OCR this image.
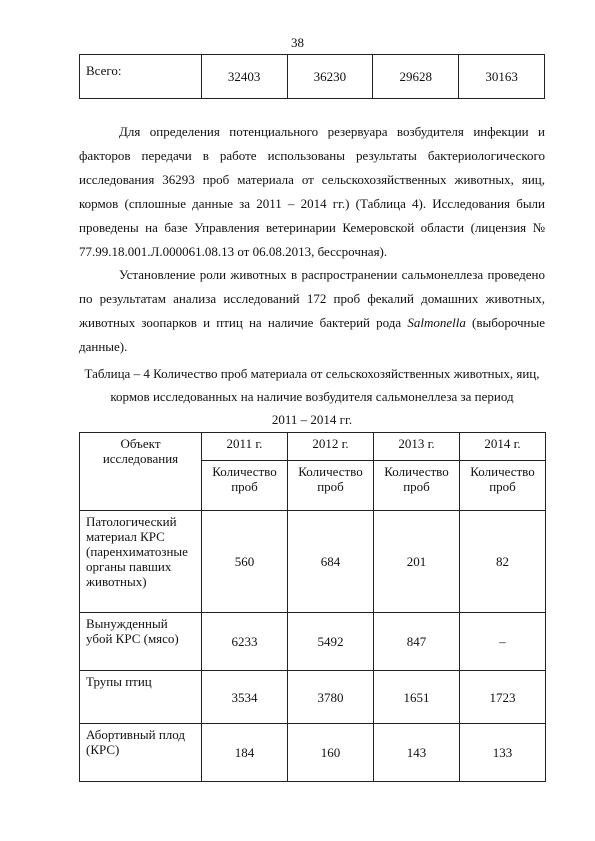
38
Всего:	32403	36230	29628	30163

Для определения потенциального резервуара возбудителя инфекции и факторов передачи в работе использованы результаты бактериологического исследования 36293 проб материала от сельскохозяйственных животных, яиц, кормов (сплошные данные за 2011 – 2014 гг.) (Таблица 4). Исследования были проведены на базе Управления ветеринарии Кемеровской области (лицензия № 77.99.18.001.Л.000061.08.13 от 06.08.2013, бессрочная).

Установление роли животных в распространении сальмонеллеза проведено по результатам анализа исследований 172 проб фекалий домашних животных, животных зоопарков и птиц на наличие бактерий рода Salmonella (выборочные данные).

Таблица – 4 Количество проб материала от сельскохозяйственных животных, яиц,
кормов исследованных на наличие возбудителя сальмонеллеза за период
2011 – 2014 гг.
Объект исследования	2011 г.	2012 г.	2013 г.	2014 г.
	Количество проб	Количество проб	Количество проб	Количество проб
Патологический материал КРС (паренхиматозные органы павших животных)	560	684	201	82
Вынужденный убой КРС (мясо)	6233	5492	847	–
Трупы птиц	3534	3780	1651	1723
Абортивный плод (КРС)	184	160	143	133
